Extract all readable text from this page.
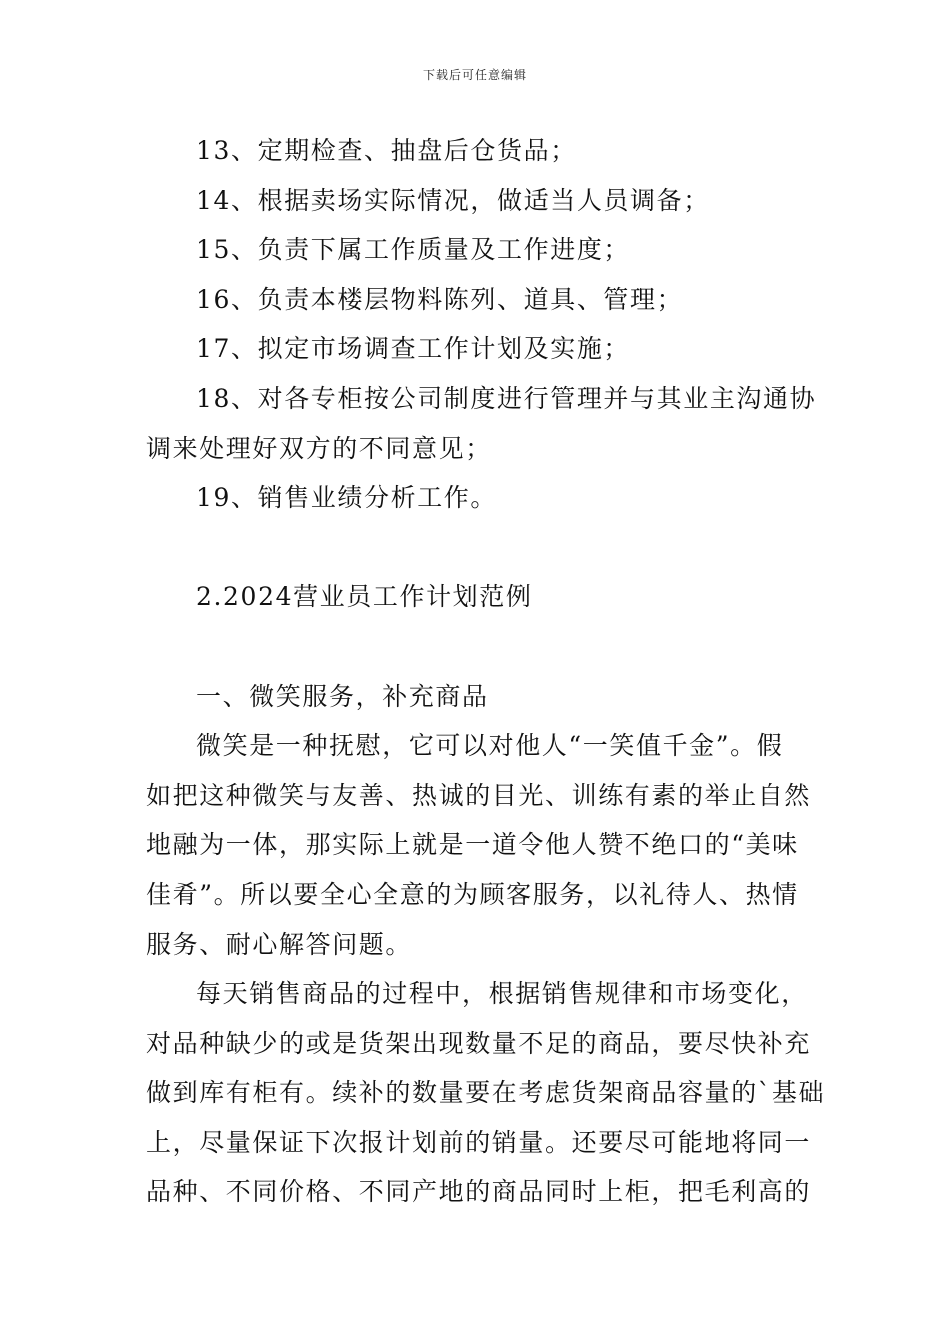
下载后可任意编辑
13、定期检查、抽盘后仓货品；
14、根据卖场实际情况，做适当人员调备；
15、负责下属工作质量及工作进度；
16、负责本楼层物料陈列、道具、管理；
17、拟定市场调查工作计划及实施；
18、对各专柜按公司制度进行管理并与其业主沟通协
调来处理好双方的不同意见；
19、销售业绩分析工作。
2.2024营业员工作计划范例
一、微笑服务，补充商品
微笑是一种抚慰，它可以对他人“一笑值千金”。假
如把这种微笑与友善、热诚的目光、训练有素的举止自然
地融为一体，那实际上就是一道令他人赞不绝口的“美味
佳肴”。所以要全心全意的为顾客服务，以礼待人、热情
服务、耐心解答问题。
每天销售商品的过程中，根据销售规律和市场变化，
对品种缺少的或是货架出现数量不足的商品，要尽快补充
做到库有柜有。续补的数量要在考虑货架商品容量的`基础
上，尽量保证下次报计划前的销量。还要尽可能地将同一
品种、不同价格、不同产地的商品同时上柜，把毛利高的
